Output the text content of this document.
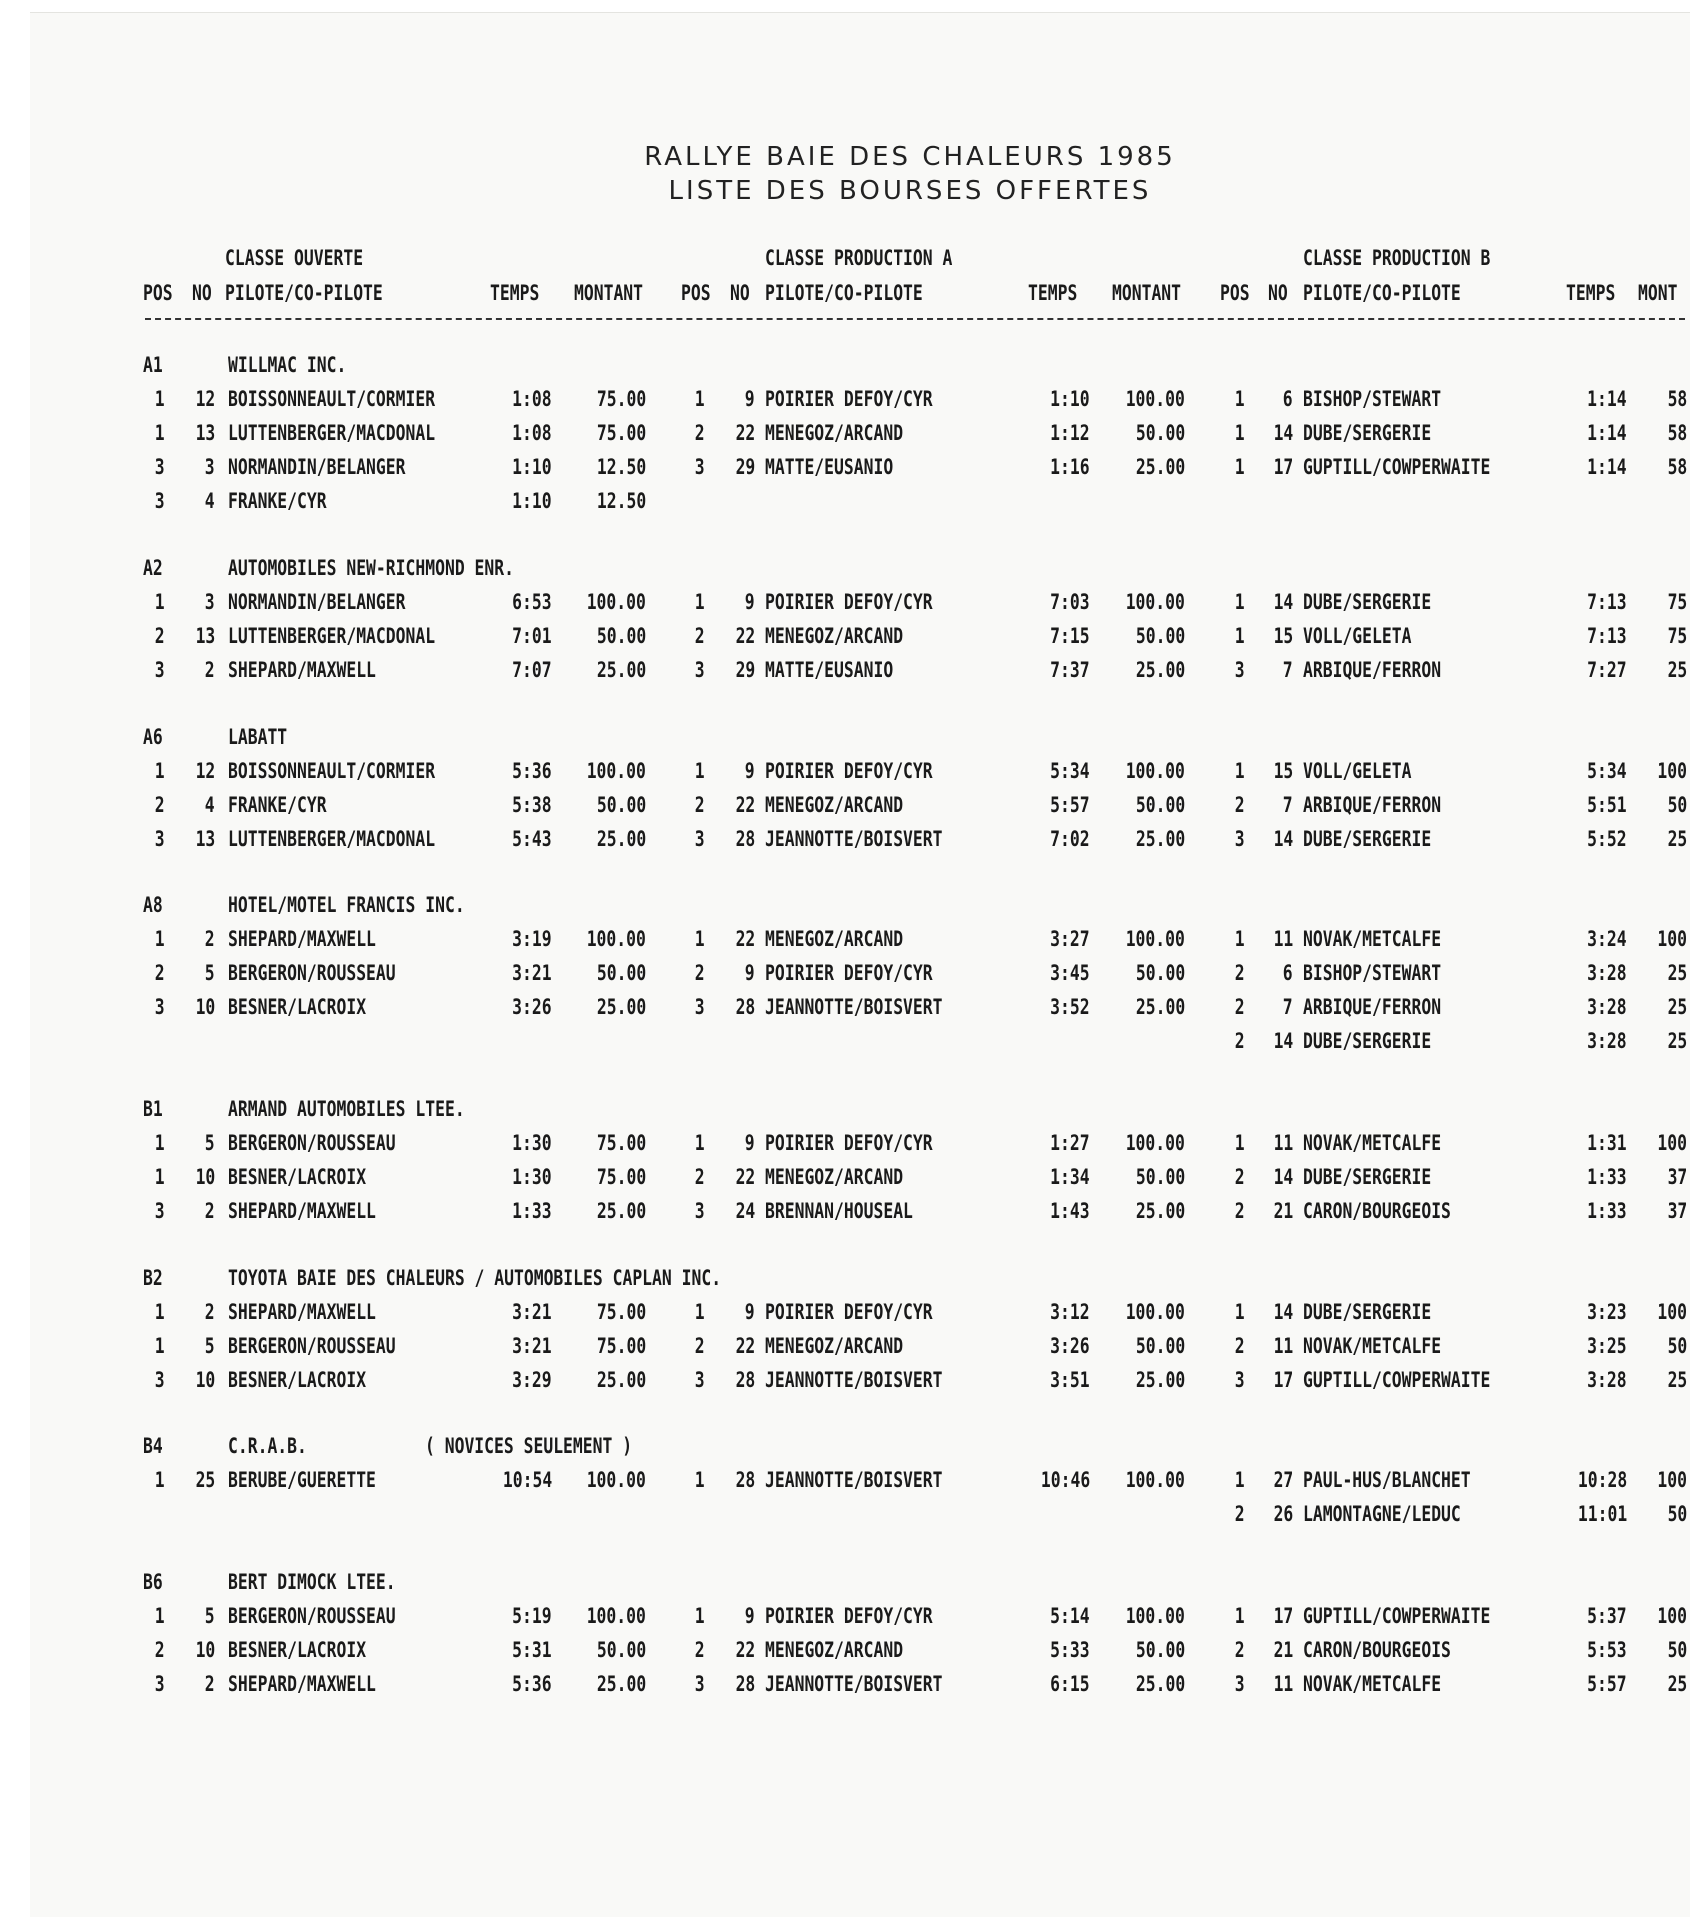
RALLYE BAIE DES CHALEURS 1985
LISTE DES BOURSES OFFERTES
CLASSE OUVERTE	CLASSE PRODUCTION A	CLASSE PRODUCTION B
POS NO PILOTE/CO-PILOTE	TEMPS MONTANT POS NO PILOTE/CO-PILOTE	TEMPS MONTANT POS NO PILOTE/CO-PILOTE	TEMPS MONT
A1	WILLMAC INC.
1 12 BOISSONNEAULT/CORMIER	1:08 75.00 1 9 POIRIER DEFOY/CYR	1:10 100.00 1 6 BISHOP/STEWART	1:14 58
1 13 LUTTENBERGER/MACDONAL	1:08 75.00 2 22 MENEGOZ/ARCAND	1:12 50.00 1 14 DUBE/SERGERIE	1:14 58
3 3 NORMANDIN/BELANGER	1:10 12.50 3 29 MATTE/EUSANIO	1:16 25.00 1 17 GUPTILL/COWPERWAITE	1:14 58
3 4 FRANKE/CYR	1:10 12.50
A2	AUTOMOBILES NEW-RICHMOND ENR.
1 3 NORMANDIN/BELANGER	6:53 100.00 1 9 POIRIER DEFOY/CYR	7:03 100.00 1 14 DUBE/SERGERIE	7:13 75
2 13 LUTTENBERGER/MACDONAL	7:01 50.00 2 22 MENEGOZ/ARCAND	7:15 50.00 1 15 VOLL/GELETA	7:13 75
3 2 SHEPARD/MAXWELL	7:07 25.00 3 29 MATTE/EUSANIO	7:37 25.00 3 7 ARBIQUE/FERRON	7:27 25
A6	LABATT
1 12 BOISSONNEAULT/CORMIER	5:36 100.00 1 9 POIRIER DEFOY/CYR	5:34 100.00 1 15 VOLL/GELETA	5:34 100
2 4 FRANKE/CYR	5:38 50.00 2 22 MENEGOZ/ARCAND	5:57 50.00 2 7 ARBIQUE/FERRON	5:51 50
3 13 LUTTENBERGER/MACDONAL	5:43 25.00 3 28 JEANNOTTE/BOISVERT	7:02 25.00 3 14 DUBE/SERGERIE	5:52 25
A8	HOTEL/MOTEL FRANCIS INC.
1 2 SHEPARD/MAXWELL	3:19 100.00 1 22 MENEGOZ/ARCAND	3:27 100.00 1 11 NOVAK/METCALFE	3:24 100
2 5 BERGERON/ROUSSEAU	3:21 50.00 2 9 POIRIER DEFOY/CYR	3:45 50.00 2 6 BISHOP/STEWART	3:28 25
3 10 BESNER/LACROIX	3:26 25.00 3 28 JEANNOTTE/BOISVERT	3:52 25.00 2 7 ARBIQUE/FERRON	3:28 25
2 14 DUBE/SERGERIE	3:28 25
B1	ARMAND AUTOMOBILES LTEE.
1 5 BERGERON/ROUSSEAU	1:30 75.00 1 9 POIRIER DEFOY/CYR	1:27 100.00 1 11 NOVAK/METCALFE	1:31 100
1 10 BESNER/LACROIX	1:30 75.00 2 22 MENEGOZ/ARCAND	1:34 50.00 2 14 DUBE/SERGERIE	1:33 37
3 2 SHEPARD/MAXWELL	1:33 25.00 3 24 BRENNAN/HOUSEAL	1:43 25.00 2 21 CARON/BOURGEOIS	1:33 37
B2	TOYOTA BAIE DES CHALEURS / AUTOMOBILES CAPLAN INC.
1 2 SHEPARD/MAXWELL	3:21 75.00 1 9 POIRIER DEFOY/CYR	3:12 100.00 1 14 DUBE/SERGERIE	3:23 100
1 5 BERGERON/ROUSSEAU	3:21 75.00 2 22 MENEGOZ/ARCAND	3:26 50.00 2 11 NOVAK/METCALFE	3:25 50
3 10 BESNER/LACROIX	3:29 25.00 3 28 JEANNOTTE/BOISVERT	3:51 25.00 3 17 GUPTILL/COWPERWAITE	3:28 25
B4	C.R.A.B.	( NOVICES SEULEMENT )
1 25 BERUBE/GUERETTE	10:54 100.00 1 28 JEANNOTTE/BOISVERT	10:46 100.00 1 27 PAUL-HUS/BLANCHET	10:28 100
2 26 LAMONTAGNE/LEDUC	11:01 50
B6	BERT DIMOCK LTEE.
1 5 BERGERON/ROUSSEAU	5:19 100.00 1 9 POIRIER DEFOY/CYR	5:14 100.00 1 17 GUPTILL/COWPERWAITE	5:37 100
2 10 BESNER/LACROIX	5:31 50.00 2 22 MENEGOZ/ARCAND	5:33 50.00 2 21 CARON/BOURGEOIS	5:53 50
3 2 SHEPARD/MAXWELL	5:36 25.00 3 28 JEANNOTTE/BOISVERT	6:15 25.00 3 11 NOVAK/METCALFE	5:57 25
